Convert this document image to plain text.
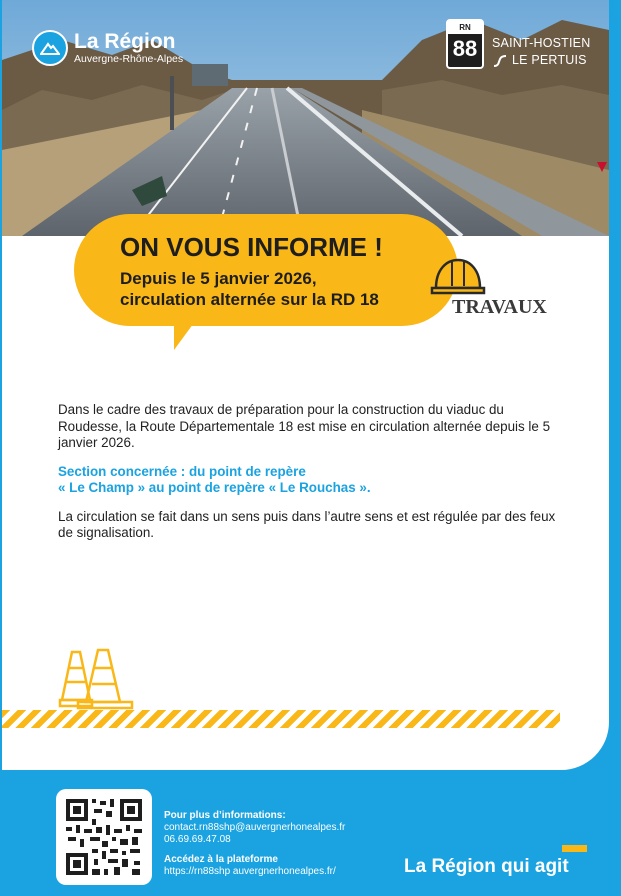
La Région
Auvergne-Rhône-Alpes
RN
88	SAINT-HOSTIEN
LE PERTUIS
ON VOUS INFORME !
Depuis le 5 janvier 2026,
circulation alternée sur la RD 18	TRAVAUX

Dans le cadre des travaux de préparation pour la construction du viaduc du Roudesse, la Route Départementale 18 est mise en circulation alternée depuis le 5 janvier 2026.

Section concernée : du point de repère
« Le Champ » au point de repère « Le Rouchas ».

La circulation se fait dans un sens puis dans l’autre sens et est régulée par des feux de signalisation.

Pour plus d’informations:
contact.rn88shp@auvergnerhonealpes.fr
06.69.69.47.08
Accédez à la plateforme
https://rn88shp auvergnerhonealpes.fr/	La Région qui agit
